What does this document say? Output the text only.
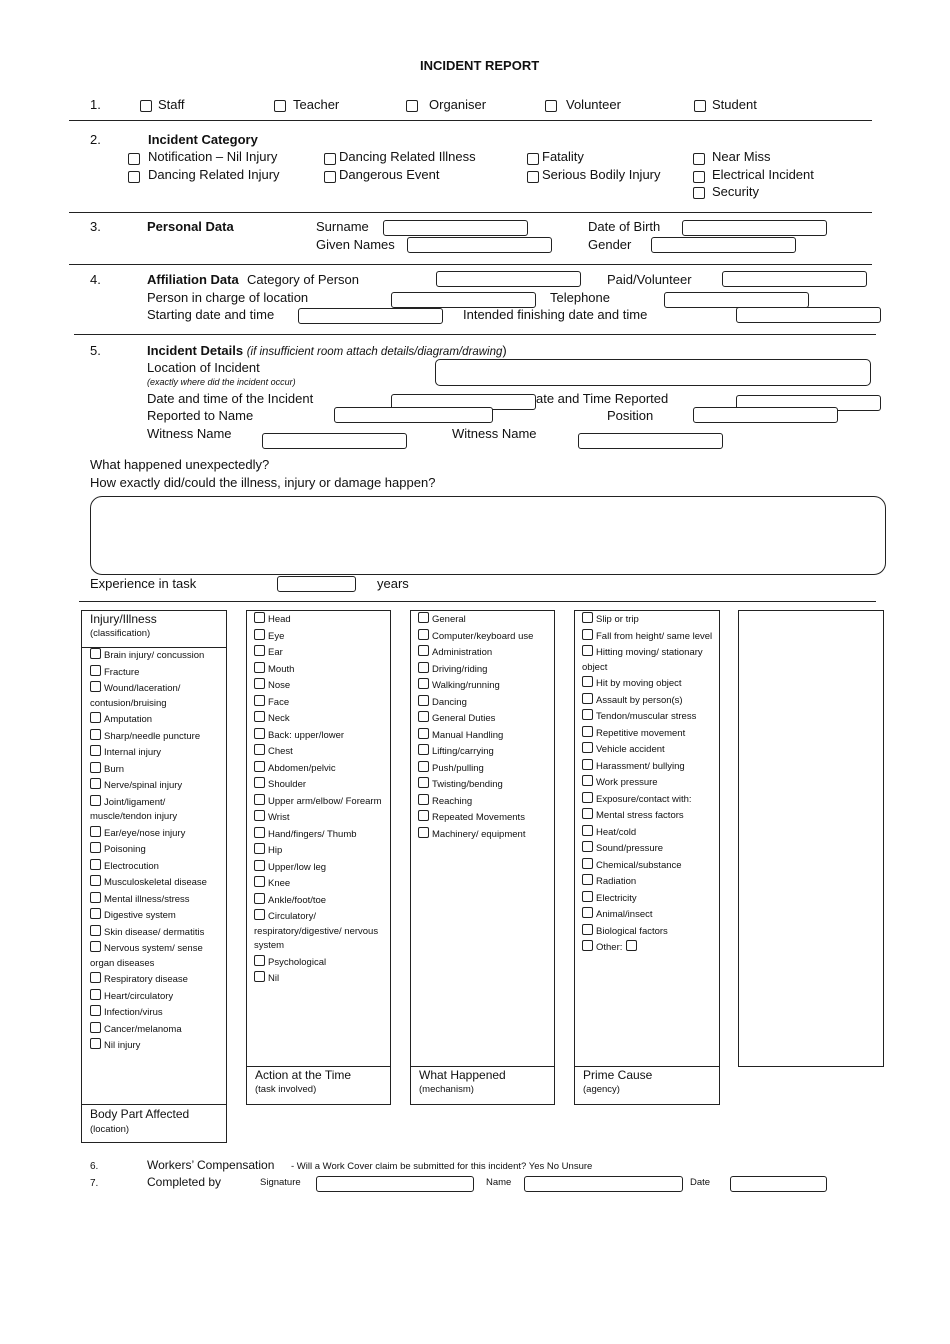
INCIDENT REPORT
1.	Staff	Teacher	Organiser	Volunteer	Student
2.	Incident Category
Notification – Nil Injury
Dancing Related Injury
Dancing Related Illness
Dangerous Event
Fatality
Serious Bodily Injury
Near Miss
Electrical Incident
Security
3.	Personal Data	Surname
Given Names
Date of Birth
Gender
4.	Affiliation Data Category of Person	Paid/Volunteer
Person in charge of location	Telephone
Starting date and time	Intended finishing date and time
5.	Incident Details (if insufficient room attach details/diagram/drawing)
Location of Incident
(exactly where did the incident occur)
Date and time of the Incident	ate and Time Reported
Reported to Name	Position
Witness Name	Witness Name
What happened unexpectedly?
How exactly did/could the illness, injury or damage happen?
Experience in task	years
Injury/Illness
(classification)
Brain injury/ concussion
Fracture
Wound/laceration/ contusion/bruising
Amputation
Sharp/needle puncture
Internal injury
Burn
Nerve/spinal injury
Joint/ligament/ muscle/tendon injury
Ear/eye/nose injury
Poisoning
Electrocution
Musculoskeletal disease
Mental illness/stress
Digestive system
Skin disease/ dermatitis
Nervous system/ sense organ diseases
Respiratory disease
Heart/circulatory
Infection/virus
Cancer/melanoma
Nil injury
Body Part Affected
(location)
Head
Eye
Ear
Mouth
Nose
Face
Neck
Back: upper/lower
Chest
Abdomen/pelvic
Shoulder
Upper arm/elbow/ Forearm
Wrist
Hand/fingers/ Thumb
Hip
Upper/low leg
Knee
Ankle/foot/toe
Circulatory/ respiratory/digestive/ nervous system
Psychological
Nil
Action at the Time
(task involved)
General
Computer/keyboard use
Administration
Driving/riding
Walking/running
Dancing
General Duties
Manual Handling
Lifting/carrying
Push/pulling
Twisting/bending
Reaching
Repeated Movements
Machinery/ equipment
What Happened
(mechanism)
Slip or trip
Fall from height/ same level
Hitting moving/ stationary object
Hit by moving object
Assault by person(s)
Tendon/muscular stress
Repetitive movement
Vehicle accident
Harassment/ bullying
Work pressure
Exposure/contact with:
Mental stress factors
Heat/cold
Sound/pressure
Chemical/substance
Radiation
Electricity
Animal/insect
Biological factors
Other:
Prime Cause
(agency)
6.	Workers’ Compensation - Will a Work Cover claim be submitted for this incident? Yes No Unsure
7.	Completed by	Signature	Name	Date
